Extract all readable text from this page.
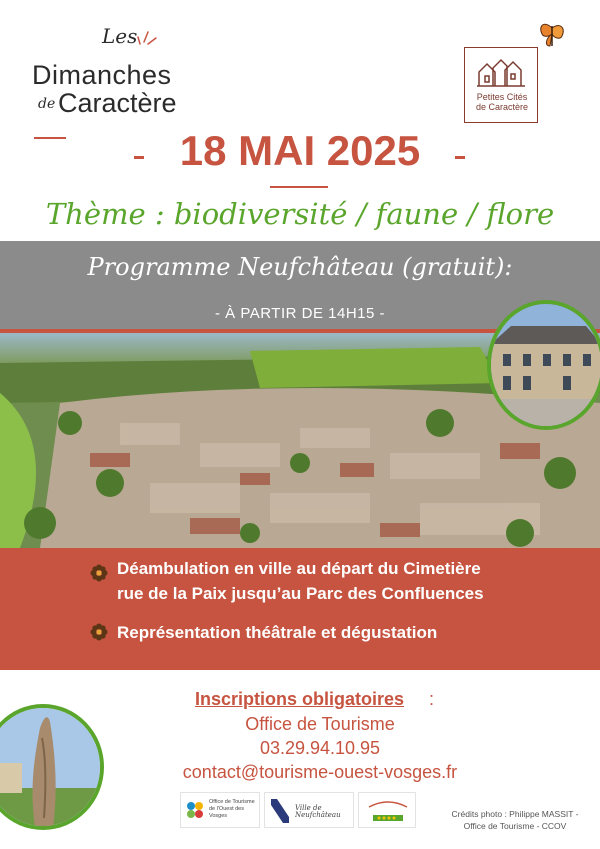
Les
Dimanches
de Caractère	Petites Cités
de Caractère
18 MAI 2025
Thème : biodiversité / faune / flore
Programme Neufchâteau (gratuit):
- À PARTIR DE 14H15 -
Déambulation en ville au départ du Cimetière
rue de la Paix jusqu’au Parc des Confluences
Représentation théâtrale et dégustation
Inscriptions obligatoires :
Office de Tourisme
03.29.94.10.95
contact@tourisme-ouest-vosges.fr
Office de Tourisme de l'Ouest des Vosges
Ville de Neufchâteau	Crédits photo : Philippe MASSIT -
Office de Tourisme - CCOV
